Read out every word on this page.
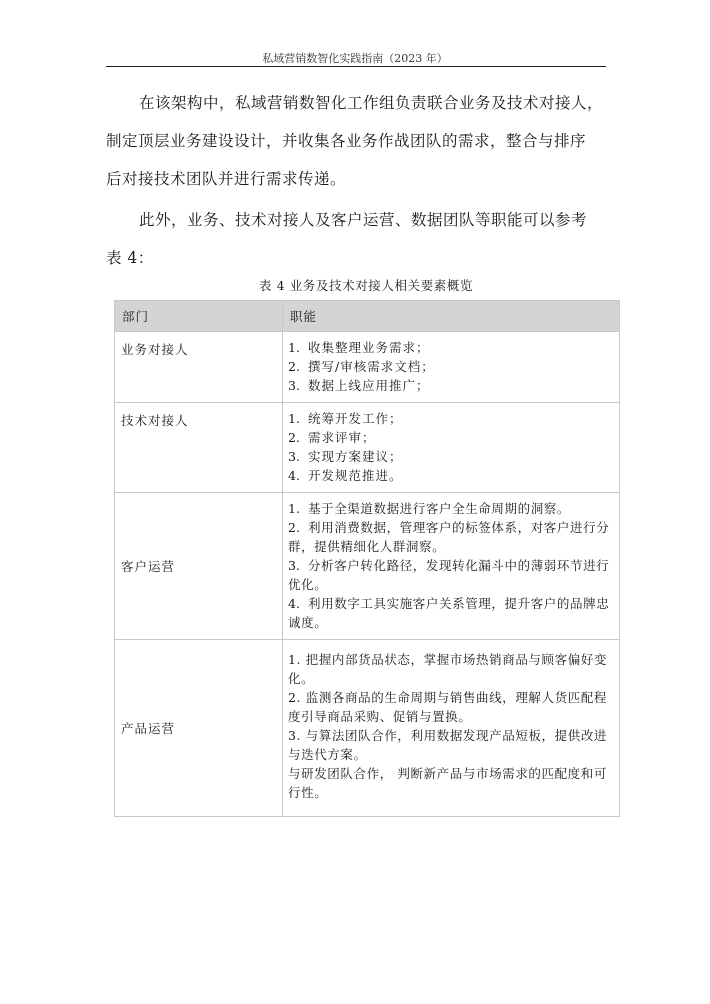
私域营销数智化实践指南（2023 年）

在该架构中，私域营销数智化工作组负责联合业务及技术对接人，
制定顶层业务建设设计，并收集各业务作战团队的需求，整合与排序
后对接技术团队并进行需求传递。

此外，业务、技术对接人及客户运营、数据团队等职能可以参考
表 4：

表 4 业务及技术对接人相关要素概览
部门	职能
业务对接人	1. 收集整理业务需求；
2. 撰写/审核需求文档；
3. 数据上线应用推广；

技术对接人	1. 统筹开发工作；
2. 需求评审；
3. 实现方案建议；
4. 开发规范推进。

客户运营	1. 基于全渠道数据进行客户全生命周期的洞察。
2. 利用消费数据，管理客户的标签体系，对客户进行分群，提供精细化人群洞察。
3. 分析客户转化路径，发现转化漏斗中的薄弱环节进行优化。
4. 利用数字工具实施客户关系管理，提升客户的品牌忠诚度。

产品运营	1. 把握内部货品状态，掌握市场热销商品与顾客偏好变化。
2. 监测各商品的生命周期与销售曲线，理解人货匹配程度引导商品采购、促销与置换。
3. 与算法团队合作，利用数据发现产品短板，提供改进与迭代方案。
与研发团队合作， 判断新产品与市场需求的匹配度和可行性。
